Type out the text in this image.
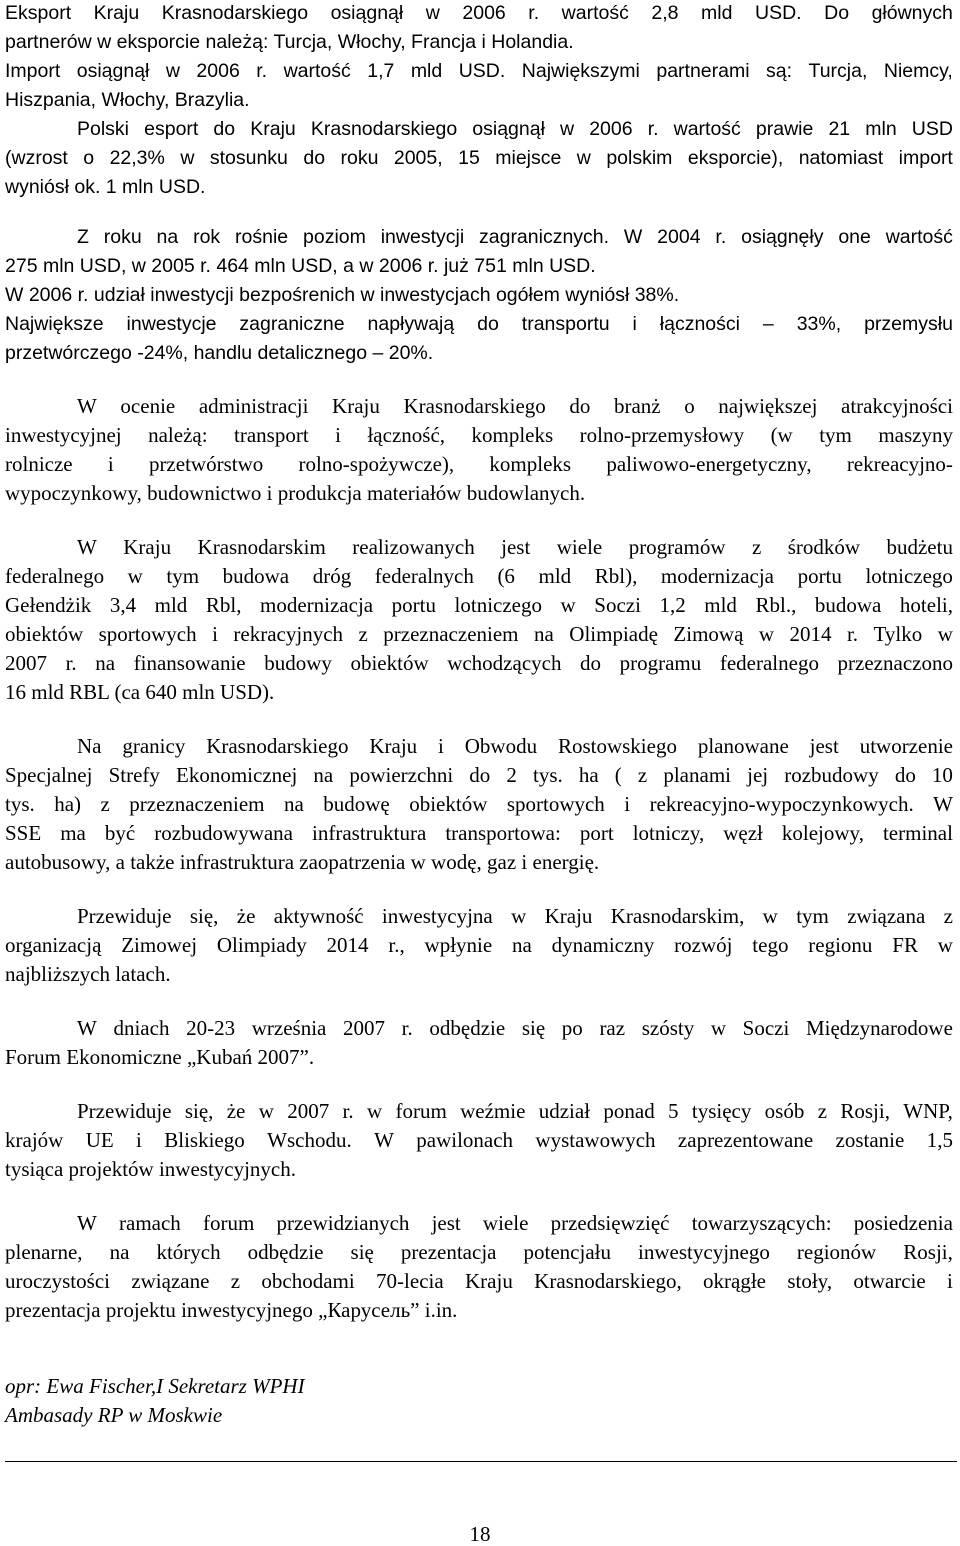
Eksport Kraju Krasnodarskiego osiągnął w 2006 r. wartość 2,8 mld USD. Do głównych
partnerów w eksporcie należą: Turcja, Włochy, Francja i Holandia.
Import osiągnął w 2006 r. wartość 1,7 mld USD. Największymi partnerami są: Turcja, Niemcy,
Hiszpania, Włochy, Brazylia.
Polski esport do Kraju Krasnodarskiego osiągnął w 2006 r. wartość prawie 21 mln USD
(wzrost o 22,3% w stosunku do roku 2005, 15 miejsce w polskim eksporcie), natomiast import
wyniósł ok. 1 mln USD.
Z roku na rok rośnie poziom inwestycji zagranicznych. W 2004 r. osiągnęły one wartość
275 mln USD, w 2005 r. 464 mln USD, a w 2006 r. już 751 mln USD.
W 2006 r. udział inwestycji bezpośrenich w inwestycjach ogółem wyniósł 38%.
Największe inwestycje zagraniczne napływają do transportu i łączności – 33%, przemysłu
przetwórczego -24%, handlu detalicznego – 20%.
W ocenie administracji Kraju Krasnodarskiego do branż o największej atrakcyjności
inwestycyjnej należą: transport i łączność, kompleks rolno-przemysłowy (w tym maszyny
rolnicze i przetwórstwo rolno-spożywcze), kompleks paliwowo-energetyczny, rekreacyjno-
wypoczynkowy, budownictwo i produkcja materiałów budowlanych.
W Kraju Krasnodarskim realizowanych jest wiele programów z środków budżetu
federalnego w tym budowa dróg federalnych (6 mld Rbl), modernizacja portu lotniczego
Gełendżik 3,4 mld Rbl, modernizacja portu lotniczego w Soczi 1,2 mld Rbl., budowa hoteli,
obiektów sportowych i rekracyjnych z przeznaczeniem na Olimpiadę Zimową w 2014 r. Tylko w
2007 r. na finansowanie budowy obiektów wchodzących do programu federalnego przeznaczono
16 mld RBL (ca 640 mln USD).
Na granicy Krasnodarskiego Kraju i Obwodu Rostowskiego planowane jest utworzenie
Specjalnej Strefy Ekonomicznej na powierzchni do 2 tys. ha ( z planami jej rozbudowy do 10
tys. ha) z przeznaczeniem na budowę obiektów sportowych i rekreacyjno-wypoczynkowych. W
SSE ma być rozbudowywana infrastruktura transportowa: port lotniczy, węzł kolejowy, terminal
autobusowy, a także infrastruktura zaopatrzenia w wodę, gaz i energię.
Przewiduje się, że aktywność inwestycyjna w Kraju Krasnodarskim, w tym związana z
organizacją Zimowej Olimpiady 2014 r., wpłynie na dynamiczny rozwój tego regionu FR w
najbliższych latach.
W dniach 20-23 września 2007 r. odbędzie się po raz szósty w Soczi Międzynarodowe
Forum Ekonomiczne „Kubań 2007”.
Przewiduje się, że w 2007 r. w forum weźmie udział ponad 5 tysięcy osób z Rosji, WNP,
krajów UE i Bliskiego Wschodu. W pawilonach wystawowych zaprezentowane zostanie 1,5
tysiąca projektów inwestycyjnych.
W ramach forum przewidzianych jest wiele przedsięwzięć towarzyszących: posiedzenia
plenarne, na których odbędzie się prezentacja potencjału inwestycyjnego regionów Rosji,
uroczystości związane z obchodami 70-lecia Kraju Krasnodarskiego, okrągłe stoły, otwarcie i
prezentacja projektu inwestycyjnego „Карусель” i.in.
opr: Ewa Fischer,I Sekretarz WPHI
Ambasady RP w Moskwie
18
